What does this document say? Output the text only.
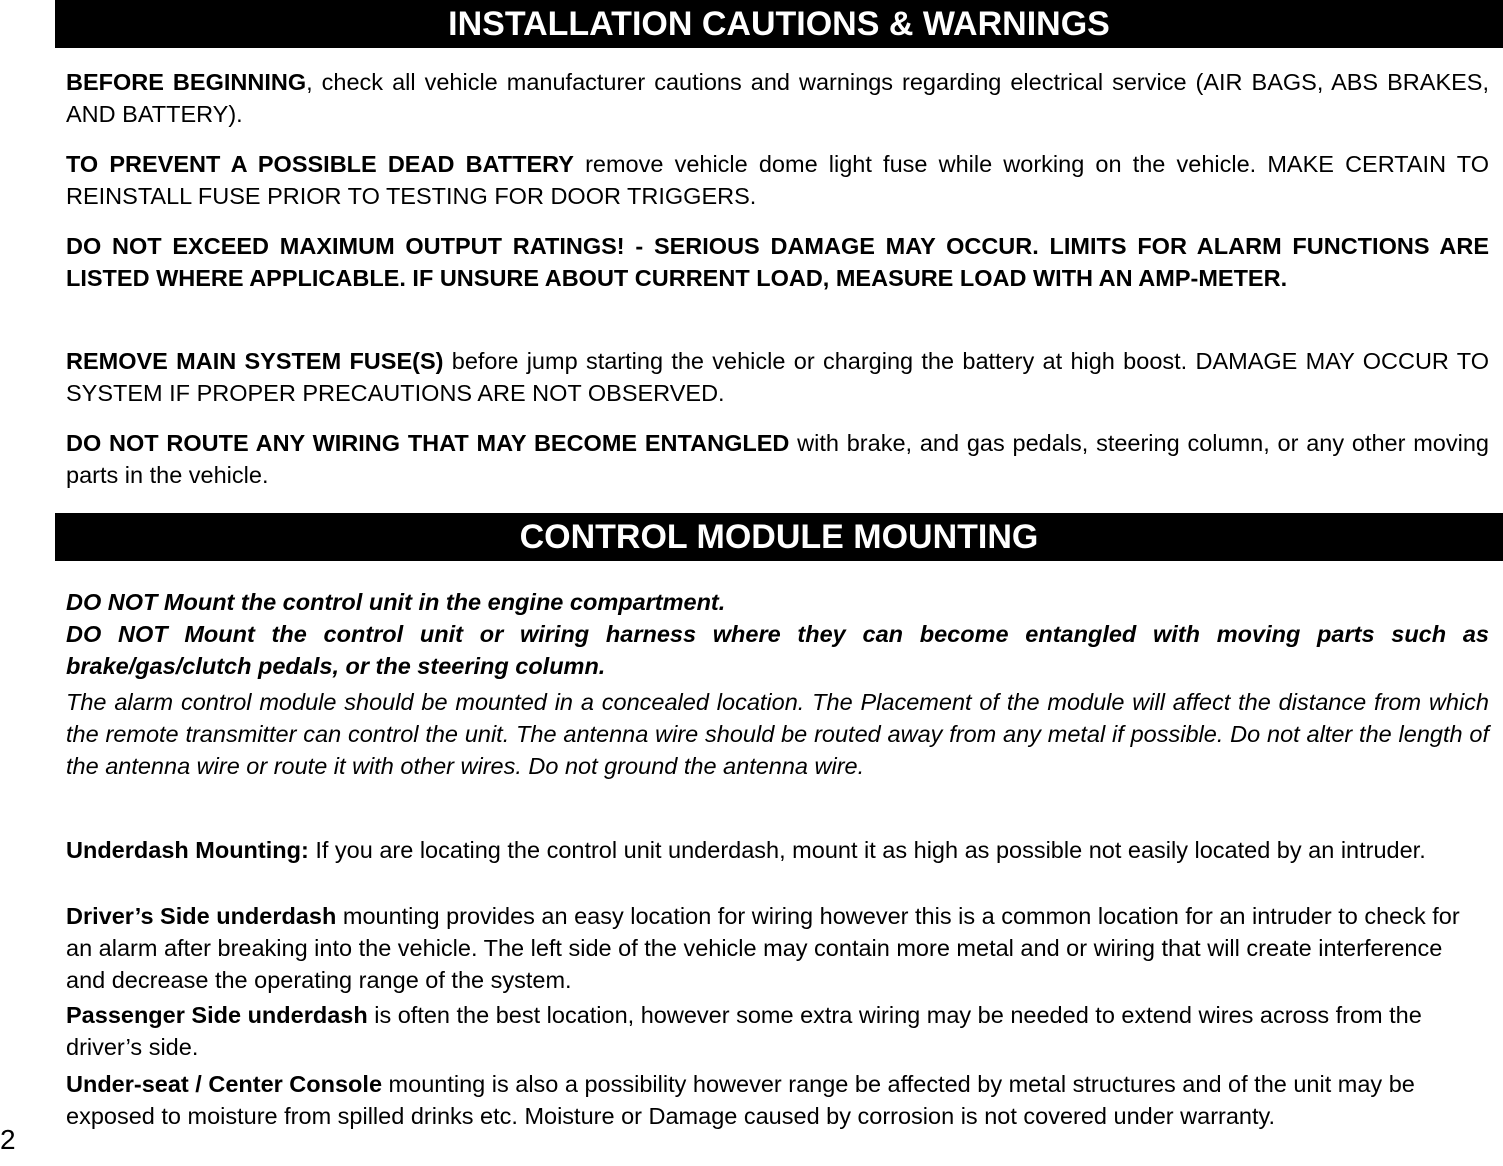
INSTALLATION CAUTIONS & WARNINGS

BEFORE BEGINNING, check all vehicle manufacturer cautions and warnings regarding electrical service (AIR BAGS, ABS BRAKES, AND BATTERY).

TO PREVENT A POSSIBLE DEAD BATTERY remove vehicle dome light fuse while working on the vehicle. MAKE CERTAIN TO REINSTALL FUSE PRIOR TO TESTING FOR DOOR TRIGGERS.

DO NOT EXCEED MAXIMUM OUTPUT RATINGS! - SERIOUS DAMAGE MAY OCCUR. LIMITS FOR ALARM FUNCTIONS ARE LISTED WHERE APPLICABLE. IF UNSURE ABOUT CURRENT LOAD, MEASURE LOAD WITH AN AMP-METER.

REMOVE MAIN SYSTEM FUSE(S) before jump starting the vehicle or charging the battery at high boost. DAMAGE MAY OCCUR TO SYSTEM IF PROPER PRECAUTIONS ARE NOT OBSERVED.

DO NOT ROUTE ANY WIRING THAT MAY BECOME ENTANGLED with brake, and gas pedals, steering column, or any other moving parts in the vehicle.

CONTROL MODULE MOUNTING

DO NOT Mount the control unit in the engine compartment.

DO NOT Mount the control unit or wiring harness where they can become entangled with moving parts such as brake/gas/clutch pedals, or the steering column.

The alarm control module should be mounted in a concealed location. The Placement of the module will affect the distance from which the remote transmitter can control the unit. The antenna wire should be routed away from any metal if possible. Do not alter the length of the antenna wire or route it with other wires. Do not ground the antenna wire.

Underdash Mounting: If you are locating the control unit underdash, mount it as high as possible not easily located by an intruder.

Driver’s Side underdash mounting provides an easy location for wiring however this is a common location for an intruder to check for an alarm after breaking into the vehicle. The left side of the vehicle may contain more metal and or wiring that will create interference and decrease the operating range of the system.

Passenger Side underdash is often the best location, however some extra wiring may be needed to extend wires across from the driver’s side.

Under-seat / Center Console mounting is also a possibility however range be affected by metal structures and of the unit may be exposed to moisture from spilled drinks etc. Moisture or Damage caused by corrosion is not covered under warranty.

2
